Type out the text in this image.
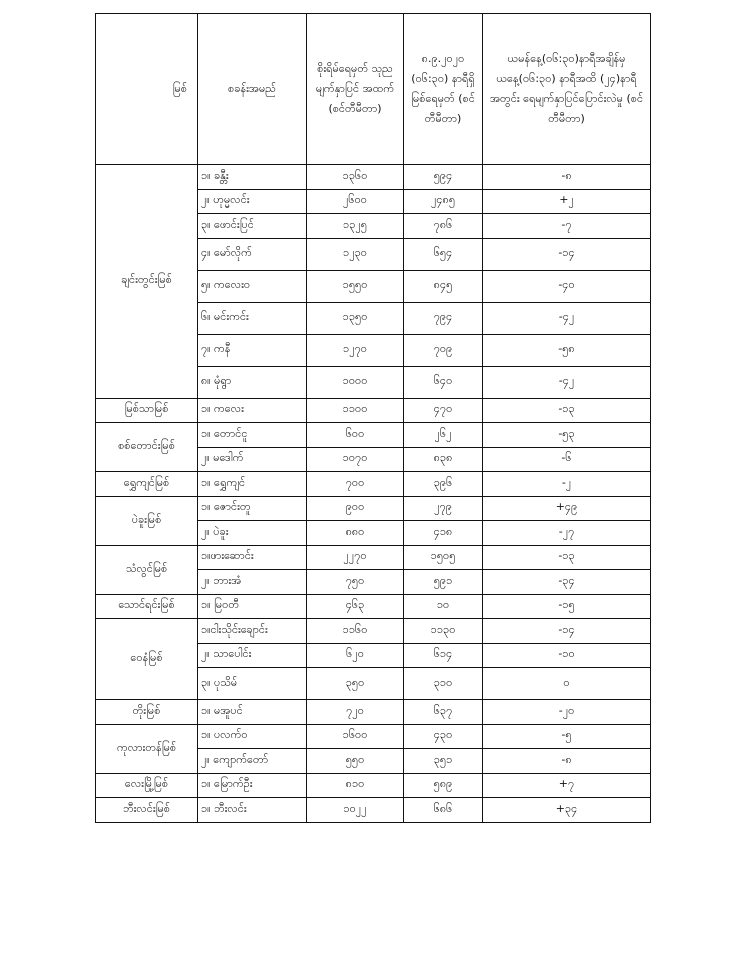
မြစ်	စခန်းအမည်	စိုးရိမ်ရေမှတ် သုည မျက်နှာပြင် အထက် (စင်တီမီတာ)	၈.၉.၂၀၂၀ (၀၆:၃၀) နာရီရှိ မြစ်ရေမှတ် (စင်တီမီတာ)	ယမန်နေ့(၀၆:၃၀)နာရီအချိန်မှ ယနေ့(၀၆:၃၀) နာရီအထိ (၂၄)နာရီအတွင်း ရေမျက်နှာပြင်ပြောင်းလဲမှု (စင်တီမီတာ)
ချင်းတွင်းမြစ်	၁။ ခန္တီး	၁၃၆၀	၅၉၄	-၈
	၂။ ဟုမ္မလင်း	၂၆၀၀	၂၄၈၅	+၂
	၃။ ဖောင်းပြင်	၁၃၂၅	၇၈၆	-၇
	၄။ မော်လိုက်	၁၂၃၀	၆၅၄	-၁၄
	၅။ ကလေးဝ	၁၅၅၀	၈၄၅	-၄၀
	၆။ မင်းကင်း	၁၃၅၀	၇၉၄	-၄၂
	၇။ ကနီ	၁၂၇၀	၇၀၉	-၅၈
	၈။ မုံရွာ	၁၀၀၀	၆၄၀	-၄၂
မြစ်သာမြစ်	၁။ ကလေး	၁၁၀၀	၄၇၀	-၁၃
စစ်တောင်းမြစ်	၁။ တောင်ငူ	၆၀၀	၂၆၂	-၅၃
	၂။ မဒေါက်	၁၀၇၀	၈၃၈	-၆
ရွှေကျင်မြစ်	၁။ ရွှေကျင်	၇၀၀	၃၉၆	-၂
ပဲခူးမြစ်	၁။ ဇောင်းတူ	၉၀၀	၂၇၉	+၄၉
	၂။ ပဲခူး	၈၈၀	၄၁၈	-၂၇
သံလွင်မြစ်	၁။ဖားဆောင်း	၂၂၇၀	၁၅၀၅	-၁၃
	၂။ ဘားအံ	၇၅၀	၅၉၁	-၃၄
သောင်ရင်းမြစ်	၁။ မြဝတီ	၄၆၃	၁၀	-၁၅
ဝေနံမြစ်	၁။ငါးသိုင်းချောင်း	၁၁၆၀	၁၁၃၀	-၁၄
	၂။ သာပေါင်း	၆၂၀	၆၁၄	-၁၀
	၃။ ပုသိမ်	၃၅၀	၃၁၀	၀
တိုးမြစ်	၁။ မအူပင်	၇၂၀	၆၃၇	-၂၀
ကုလားတန်မြစ်	၁။ ပလက်ဝ	၁၆၀၀	၄၃၀	-၅
	၂။ ကျောက်တော်	၅၅၀	၃၅၁	-၈
လေးမြို့မြစ်	၁။ မြောက်ဦး	၈၁၀	၅၈၉	+၇
ဘီးလင်းမြစ်	၁။ ဘီးလင်း	၁၀၂၂	၆၈၆	+၃၄
